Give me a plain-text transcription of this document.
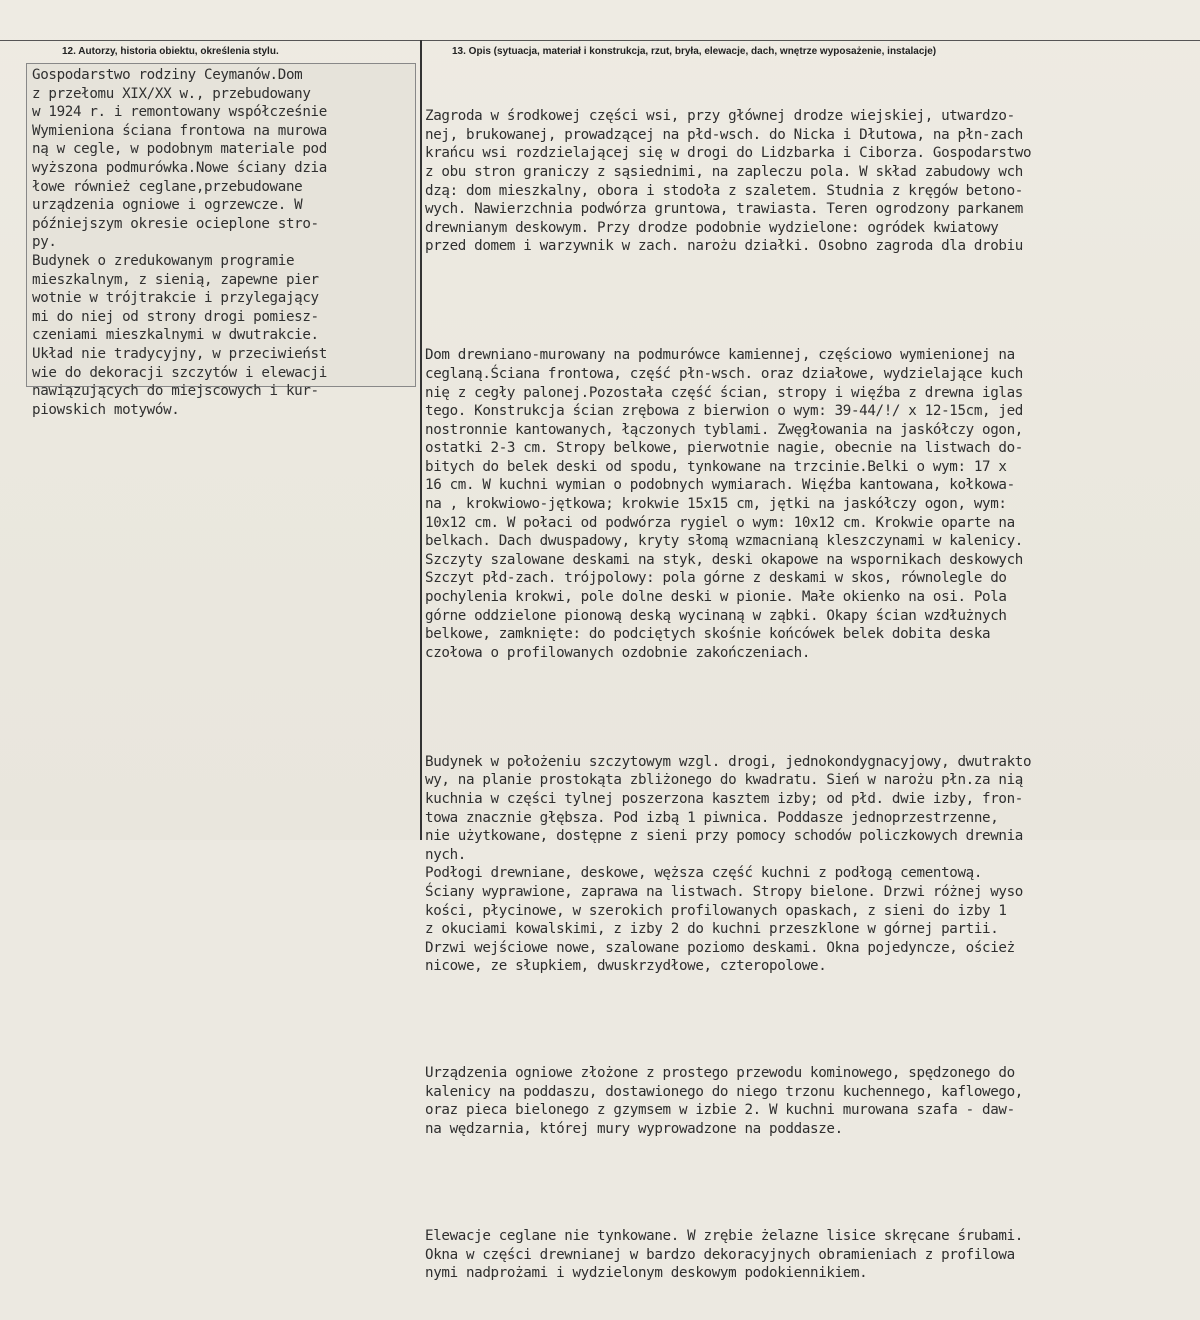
12. Autorzy, historia obiektu, określenia stylu.	13. Opis (sytuacja, materiał i konstrukcja, rzut, bryła, elewacje, dach, wnętrze wyposażenie, instalacje)
Gospodarstwo rodziny Ceymanów.Dom
z przełomu XIX/XX w., przebudowany
w 1924 r. i remontowany współcześnie
Wymieniona ściana frontowa na murowa
ną w cegle, w podobnym materiale pod
wyższona podmurówka.Nowe ściany dzia
łowe również ceglane,przebudowane
urządzenia ogniowe i ogrzewcze. W
późniejszym okresie ocieplone stro-
py.
Budynek o zredukowanym programie
mieszkalnym, z sienią, zapewne pier
wotnie w trójtrakcie i przylegający
mi do niej od strony drogi pomiesz-
czeniami mieszkalnymi w dwutrakcie.
Układ nie tradycyjny, w przeciwieńst
wie do dekoracji szczytów i elewacji
nawiązujących do miejscowych i kur-
piowskich motywów.

Zagroda w środkowej części wsi, przy głównej drodze wiejskiej, utwardzo-
nej, brukowanej, prowadzącej na płd-wsch. do Nicka i Dłutowa, na płn-zach
krańcu wsi rozdzielającej się w drogi do Lidzbarka i Ciborza. Gospodarstwo
z obu stron graniczy z sąsiednimi, na zapleczu pola. W skład zabudowy wch
dzą: dom mieszkalny, obora i stodoła z szaletem. Studnia z kręgów betono-
wych. Nawierzchnia podwórza gruntowa, trawiasta. Teren ogrodzony parkanem
drewnianym deskowym. Przy drodze podobnie wydzielone: ogródek kwiatowy
przed domem i warzywnik w zach. narożu działki. Osobno zagroda dla drobiu

Dom drewniano-murowany na podmurówce kamiennej, częściowo wymienionej na
ceglaną.Ściana frontowa, część płn-wsch. oraz działowe, wydzielające kuch
nię z cegły palonej.Pozostała część ścian, stropy i więźba z drewna iglas
tego. Konstrukcja ścian zrębowa z bierwion o wym: 39-44/!/ x 12-15cm, jed
nostronnie kantowanych, łączonych tyblami. Zwęgłowania na jaskółczy ogon,
ostatki 2-3 cm. Stropy belkowe, pierwotnie nagie, obecnie na listwach do-
bitych do belek deski od spodu, tynkowane na trzcinie.Belki o wym: 17 x
16 cm. W kuchni wymian o podobnych wymiarach. Więźba kantowana, kołkowa-
na , krokwiowo-jętkowa; krokwie 15x15 cm, jętki na jaskółczy ogon, wym:
10x12 cm. W połaci od podwórza rygiel o wym: 10x12 cm. Krokwie oparte na
belkach. Dach dwuspadowy, kryty słomą wzmacnianą kleszczynami w kalenicy.
Szczyty szalowane deskami na styk, deski okapowe na wspornikach deskowych
Szczyt płd-zach. trójpolowy: pola górne z deskami w skos, równolegle do
pochylenia krokwi, pole dolne deski w pionie. Małe okienko na osi. Pola
górne oddzielone pionową deską wycinaną w ząbki. Okapy ścian wzdłużnych
belkowe, zamknięte: do podciętych skośnie końcówek belek dobita deska
czołowa o profilowanych ozdobnie zakończeniach.

Budynek w położeniu szczytowym wzgl. drogi, jednokondygnacyjowy, dwutrakto
wy, na planie prostokąta zbliżonego do kwadratu. Sień w narożu płn.za nią
kuchnia w części tylnej poszerzona kasztem izby; od płd. dwie izby, fron-
towa znacznie głębsza. Pod izbą 1 piwnica. Poddasze jednoprzestrzenne,
nie użytkowane, dostępne z sieni przy pomocy schodów policzkowych drewnia
nych.
Podłogi drewniane, deskowe, węższa część kuchni z podłogą cementową.
Ściany wyprawione, zaprawa na listwach. Stropy bielone. Drzwi różnej wyso
kości, płycinowe, w szerokich profilowanych opaskach, z sieni do izby 1
z okuciami kowalskimi, z izby 2 do kuchni przeszklone w górnej partii.
Drzwi wejściowe nowe, szalowane poziomo deskami. Okna pojedyncze, oścież
nicowe, ze słupkiem, dwuskrzydłowe, czteropolowe.

Urządzenia ogniowe złożone z prostego przewodu kominowego, spędzonego do
kalenicy na poddaszu, dostawionego do niego trzonu kuchennego, kaflowego,
oraz pieca bielonego z gzymsem w izbie 2. W kuchni murowana szafa - daw-
na wędzarnia, której mury wyprowadzone na poddasze.

Elewacje ceglane nie tynkowane. W zrębie żelazne lisice skręcane śrubami.
Okna w części drewnianej w bardzo dekoracyjnych obramieniach z profilowa
nymi nadprożami i wydzielonym deskowym podokiennikiem.
